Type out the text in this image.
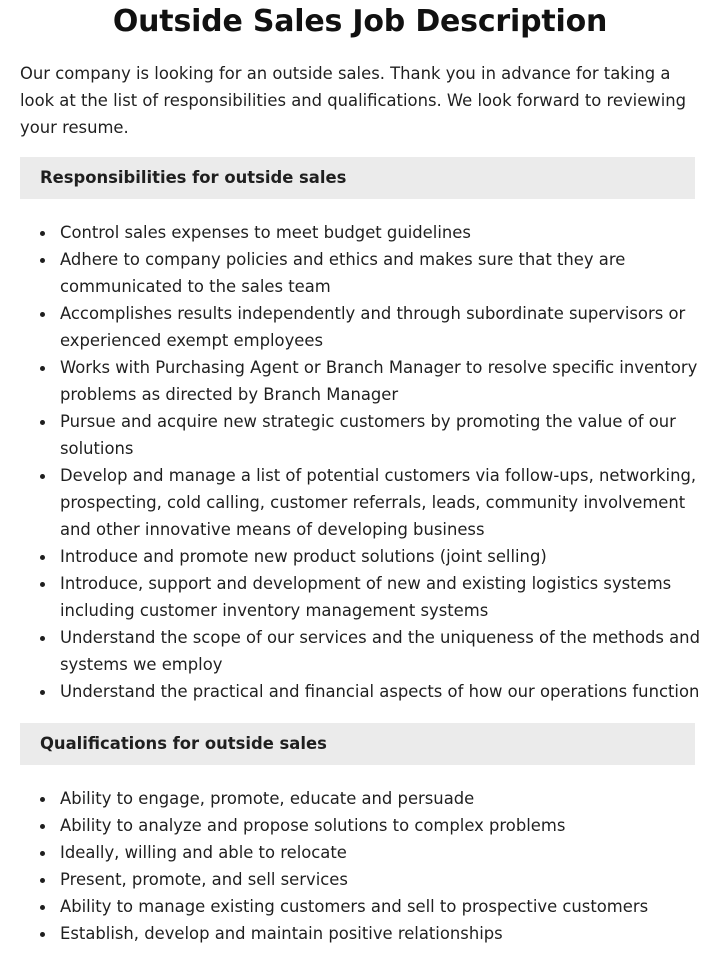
Outside Sales Job Description

Our company is looking for an outside sales. Thank you in advance for taking a look at the list of responsibilities and qualifications. We look forward to reviewing your resume.

Responsibilities for outside sales
Control sales expenses to meet budget guidelines
Adhere to company policies and ethics and makes sure that they are communicated to the sales team
Accomplishes results independently and through subordinate supervisors or experienced exempt employees
Works with Purchasing Agent or Branch Manager to resolve specific inventory problems as directed by Branch Manager
Pursue and acquire new strategic customers by promoting the value of our solutions
Develop and manage a list of potential customers via follow-ups, networking, prospecting, cold calling, customer referrals, leads, community involvement and other innovative means of developing business
Introduce and promote new product solutions (joint selling)
Introduce, support and development of new and existing logistics systems including customer inventory management systems
Understand the scope of our services and the uniqueness of the methods and systems we employ
Understand the practical and financial aspects of how our operations function
Qualifications for outside sales
Ability to engage, promote, educate and persuade
Ability to analyze and propose solutions to complex problems
Ideally, willing and able to relocate
Present, promote, and sell services
Ability to manage existing customers and sell to prospective customers
Establish, develop and maintain positive relationships
